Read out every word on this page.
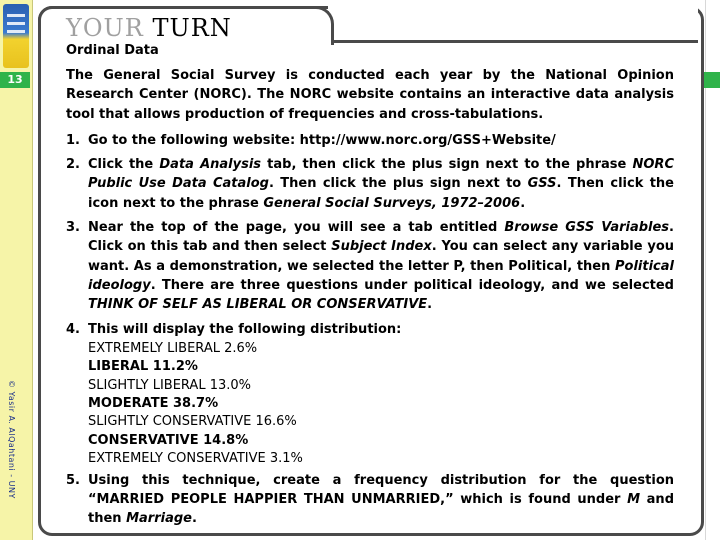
13
© Yasir A. AlQahtani - UNY
YOUR TURN
Ordinal Data

The General Social Survey is conducted each year by the National Opinion Research Center (NORC). The NORC website contains an interactive data analysis tool that allows production of frequencies and cross-tabulations.

1. Go to the following website: http://www.norc.org/GSS+Website/
2. Click the Data Analysis tab, then click the plus sign next to the phrase NORC Public Use Data Catalog. Then click the plus sign next to GSS. Then click the icon next to the phrase General Social Surveys, 1972–2006.
3. Near the top of the page, you will see a tab entitled Browse GSS Variables. Click on this tab and then select Subject Index. You can select any variable you want. As a demonstration, we selected the letter P, then Political, then Political ideology. There are three questions under political ideology, and we selected THINK OF SELF AS LIBERAL OR CONSERVATIVE.
4. This will display the following distribution:
EXTREMELY LIBERAL 2.6%
LIBERAL 11.2%
SLIGHTLY LIBERAL 13.0%
MODERATE 38.7%
SLIGHTLY CONSERVATIVE 16.6%
CONSERVATIVE 14.8%
EXTREMELY CONSERVATIVE 3.1%
5. Using this technique, create a frequency distribution for the question “MARRIED PEOPLE HAPPIER THAN UNMARRIED,” which is found under M and then Marriage.
